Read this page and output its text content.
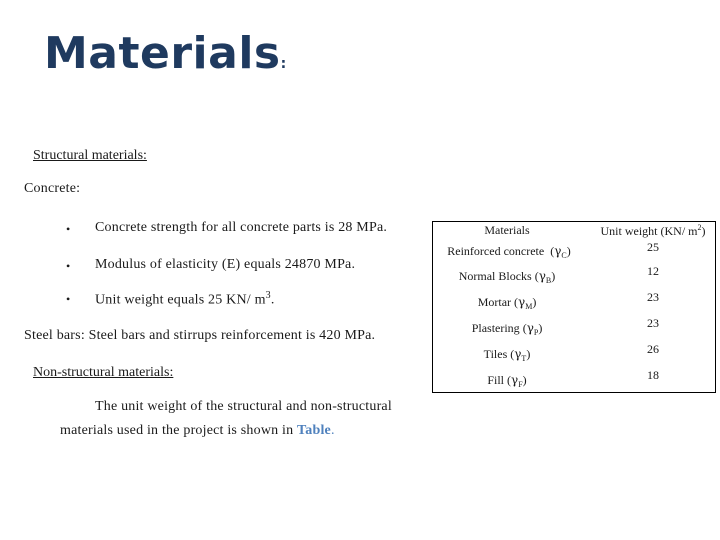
Materials:
Structural materials:
Concrete:
• Concrete strength for all concrete parts is 28 MPa.
• Modulus of elasticity (E) equals 24870 MPa.
• Unit weight equals 25 KN/ $m^3$.
Steel bars: Steel bars and stirrups reinforcement is 420 MPa.
Non-structural materials:
The unit weight of the structural and non-structural
materials used in the project is shown in Table.
Materials	Unit weight (KN/ $m^2$)
Reinforced concrete  $(\gamma_C)$	25
Normal Blocks $(\gamma_B)$	12
Mortar $(\gamma_M)$	23
Plastering $(\gamma_P)$	23
Tiles $(\gamma_T)$	26
Fill $(\gamma_F)$	18
